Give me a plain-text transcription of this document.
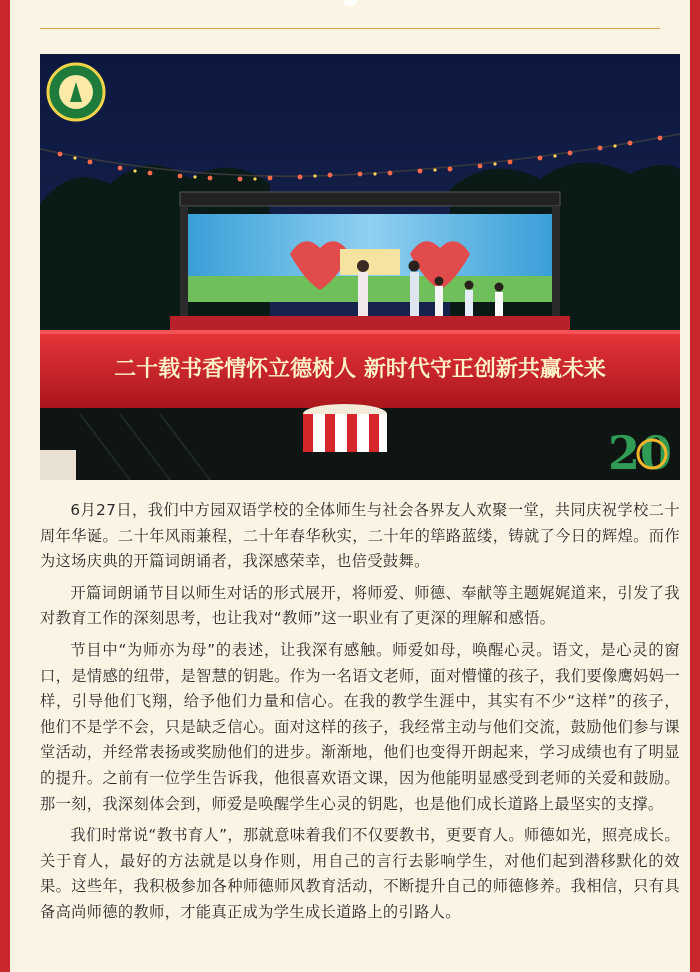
二十载书香情怀立德树人 新时代守正创新共赢未来
20

6月27日，我们中方园双语学校的全体师生与社会各界友人欢聚一堂，共同庆祝学校二十周年华诞。二十年风雨兼程，二十年春华秋实，二十年的筚路蓝缕，铸就了今日的辉煌。而作为这场庆典的开篇词朗诵者，我深感荣幸，也倍受鼓舞。

开篇词朗诵节目以师生对话的形式展开，将师爱、师德、奉献等主题娓娓道来，引发了我对教育工作的深刻思考，也让我对“教师”这一职业有了更深的理解和感悟。

节目中“为师亦为母”的表述，让我深有感触。师爱如母，唤醒心灵。语文，是心灵的窗口，是情感的纽带，是智慧的钥匙。作为一名语文老师，面对懵懂的孩子，我们要像鹰妈妈一样，引导他们飞翔，给予他们力量和信心。在我的教学生涯中，其实有不少“这样”的孩子，他们不是学不会，只是缺乏信心。面对这样的孩子，我经常主动与他们交流，鼓励他们参与课堂活动，并经常表扬或奖励他们的进步。渐渐地，他们也变得开朗起来，学习成绩也有了明显的提升。之前有一位学生告诉我，他很喜欢语文课，因为他能明显感受到老师的关爱和鼓励。那一刻，我深刻体会到，师爱是唤醒学生心灵的钥匙，也是他们成长道路上最坚实的支撑。

我们时常说“教书育人”，那就意味着我们不仅要教书，更要育人。师德如光，照亮成长。关于育人，最好的方法就是以身作则，用自己的言行去影响学生，对他们起到潜移默化的效果。这些年，我积极参加各种师德师风教育活动，不断提升自己的师德修养。我相信，只有具备高尚师德的教师，才能真正成为学生成长道路上的引路人。
